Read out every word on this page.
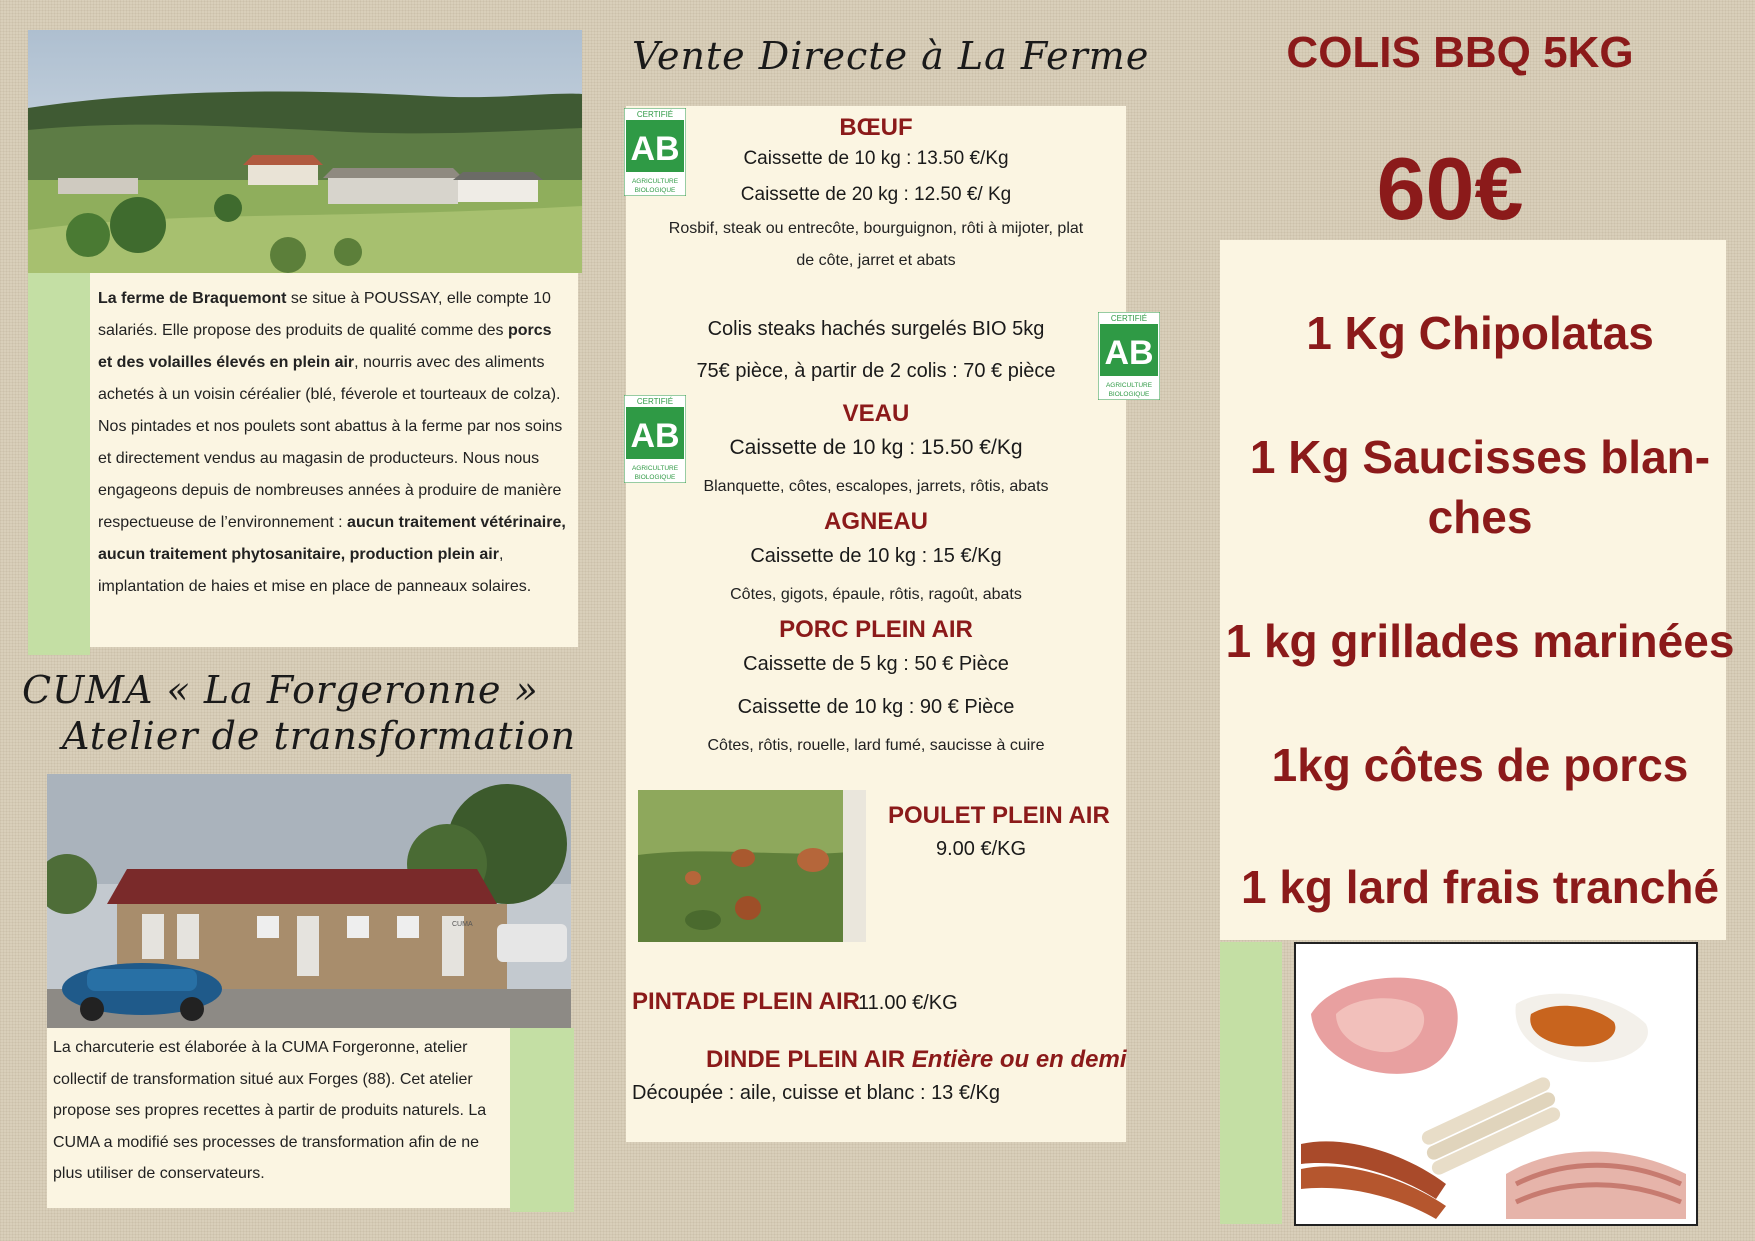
La ferme de Braquemont se situe à POUSSAY, elle compte 10 salariés. Elle propose des produits de qualité comme des porcs et des volailles élevés en plein air, nourris avec des aliments achetés à un voisin céréalier (blé, féverole et tourteaux de colza). Nos pintades et nos poulets sont abattus à la ferme par nos soins et directement vendus au magasin de producteurs. Nous nous engageons depuis de nombreuses années à produire de manière respectueuse de l’environnement : aucun traitement vétérinaire, aucun traitement phytosanitaire, production plein air, implantation de haies et mise en place de panneaux solaires.

CUMA « La Forgeronne »
Atelier de transformation
CUMA

La charcuterie est élaborée à la CUMA Forgeronne, atelier collectif de transformation situé aux Forges (88). Cet atelier propose ses propres recettes à partir de produits naturels. La CUMA a modifié ses processes de transformation afin de ne plus utiliser de conservateurs.

Vente Directe à La Ferme
CERTIFIÉ
AB
AGRICULTURE
BIOLOGIQUE
CERTIFIÉ
AB
AGRICULTURE
BIOLOGIQUE
CERTIFIÉ
AB
AGRICULTURE
BIOLOGIQUE
BŒUF
Caissette de 10 kg : 13.50 €/Kg
Caissette de 20 kg : 12.50 €/ Kg
Rosbif, steak ou entrecôte, bourguignon, rôti à mijoter, plat
de côte, jarret et abats
Colis steaks hachés surgelés BIO 5kg
75€ pièce, à partir de 2 colis : 70 € pièce
VEAU
Caissette de 10 kg : 15.50 €/Kg
Blanquette, côtes, escalopes, jarrets, rôtis, abats
AGNEAU
Caissette de 10 kg : 15 €/Kg
Côtes, gigots, épaule, rôtis, ragoût, abats
PORC PLEIN AIR
Caissette de 5 kg : 50 € Pièce
Caissette de 10 kg : 90 € Pièce
Côtes, rôtis, rouelle, lard fumé, saucisse à cuire
POULET PLEIN AIR
9.00 €/KG
PINTADE PLEIN AIR
11.00 €/KG
DINDE PLEIN AIR Entière ou en demi
Découpée : aile, cuisse et blanc : 13 €/Kg
COLIS BBQ 5KG
60€
1 Kg Chipolatas
1 Kg Saucisses blan-
ches
1 kg grillades marinées
1kg côtes de porcs
1 kg lard frais tranché
